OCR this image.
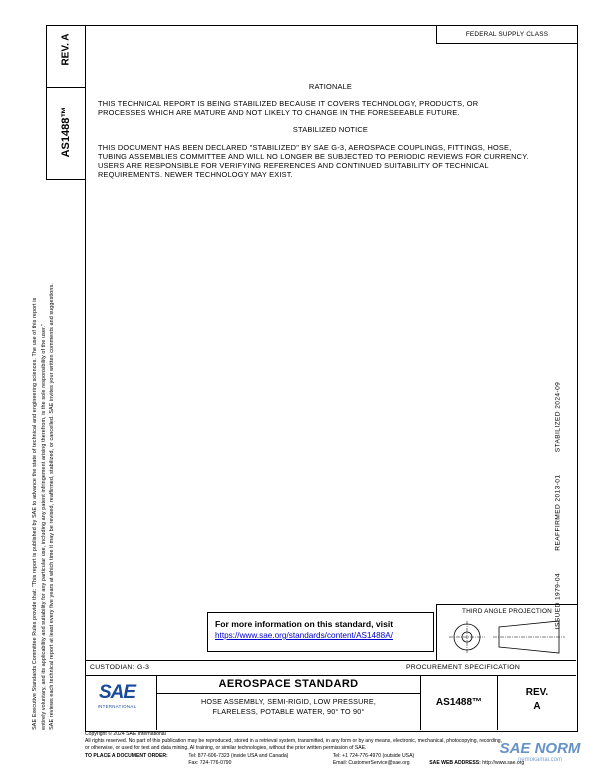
REV. A
AS1488™
SAE Executive Standards Committee Rules provide that: "This report is published by SAE to advance the state of technical and engineering sciences. The use of this report is entirely voluntary, and its applicability and suitability for any particular use, including any patent infringement arising therefrom, is the sole responsibility of the user." SAE reviews each technical report at least every five years at which time it may be revised, reaffirmed, stabilized, or cancelled. SAE invites your written comments and suggestions.
FEDERAL SUPPLY CLASS
RATIONALE
THIS TECHNICAL REPORT IS BEING STABILIZED BECAUSE IT COVERS TECHNOLOGY, PRODUCTS, OR PROCESSES WHICH ARE MATURE AND NOT LIKELY TO CHANGE IN THE FORESEEABLE FUTURE.
STABILIZED NOTICE
THIS DOCUMENT HAS BEEN DECLARED "STABILIZED" BY SAE G-3, AEROSPACE COUPLINGS, FITTINGS, HOSE, TUBING ASSEMBLIES COMMITTEE AND WILL NO LONGER BE SUBJECTED TO PERIODIC REVIEWS FOR CURRENCY. USERS ARE RESPONSIBLE FOR VERIFYING REFERENCES AND CONTINUED SUITABILITY OF TECHNICAL REQUIREMENTS. NEWER TECHNOLOGY MAY EXIST.
ISSUED 1979-04          REAFFIRMED 2013-01          STABILIZED 2024-09
For more information on this standard, visit
https://www.sae.org/standards/content/AS1488A/
THIRD ANGLE PROJECTION
CUSTODIAN: G-3	PROCUREMENT SPECIFICATION
SAE
INTERNATIONAL
AEROSPACE STANDARD
HOSE ASSEMBLY, SEMI-RIGID, LOW PRESSURE,
FLARELESS, POTABLE WATER, 90° TO 90°
AS1488™
REV.
A
Copyright © 2024 SAE International
All rights reserved. No part of this publication may be reproduced, stored in a retrieval system, transmitted, in any form or by any means, electronic, mechanical, photocopying, recording,
or otherwise, or used for text and data mining, AI training, or similar technologies, without the prior written permission of SAE.
TO PLACE A DOCUMENT ORDER:	Tel: 877-606-7323 (inside USA and Canada)	Tel: +1 724-776-4970 (outside USA)
Fax: 724-776-0790	Email: CustomerService@sae.org	SAE WEB ADDRESS: http://www.sae.org
SAE NORM
nemokamai.com
